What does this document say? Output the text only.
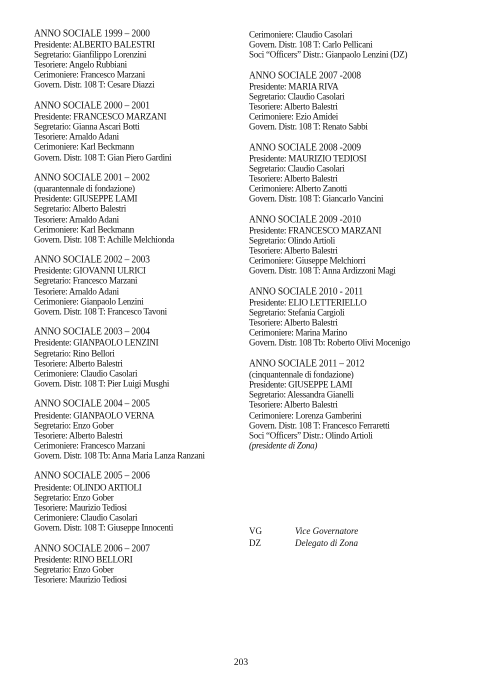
ANNO SOCIALE 1999 – 2000
Presidente: ALBERTO BALESTRI
Segretario: Gianfilippo Lorenzini
Tesoriere: Angelo Rubbiani
Cerimoniere: Francesco Marzani
Govern. Distr. 108 T: Cesare Diazzi
ANNO SOCIALE 2000 – 2001
Presidente: FRANCESCO MARZANI
Segretario: Gianna Ascari Botti
Tesoriere: Arnaldo Adani
Cerimoniere: Karl Beckmann
Govern. Distr. 108 T: Gian Piero Gardini
ANNO SOCIALE 2001 – 2002
(quarantennale di fondazione)
Presidente: GIUSEPPE LAMI
Segretario: Alberto Balestri
Tesoriere: Arnaldo Adani
Cerimoniere: Karl Beckmann
Govern. Distr. 108 T: Achille Melchionda
ANNO SOCIALE 2002 – 2003
Presidente: GIOVANNI ULRICI
Segretario: Francesco Marzani
Tesoriere: Arnaldo Adani
Cerimoniere: Gianpaolo Lenzini
Govern. Distr. 108 T: Francesco Tavoni
ANNO SOCIALE 2003 – 2004
Presidente: GIANPAOLO LENZINI
Segretario: Rino Bellori
Tesoriere: Alberto Balestri
Cerimoniere: Claudio Casolari
Govern. Distr. 108 T: Pier Luigi Musghi
ANNO SOCIALE 2004 – 2005
Presidente: GIANPAOLO VERNA
Segretario: Enzo Gober
Tesoriere: Alberto Balestri
Cerimoniere: Francesco Marzani
Govern. Distr. 108 Tb: Anna Maria Lanza Ranzani
ANNO SOCIALE 2005 – 2006
Presidente: OLINDO ARTIOLI
Segretario: Enzo Gober
Tesoriere: Maurizio Tediosi
Cerimoniere: Claudio Casolari
Govern. Distr. 108 T: Giuseppe Innocenti
ANNO SOCIALE 2006 – 2007
Presidente: RINO BELLORI
Segretario: Enzo Gober
Tesoriere: Maurizio Tediosi
Cerimoniere: Claudio Casolari
Govern. Distr. 108 T: Carlo Pellicani
Soci “Officers” Distr.: Gianpaolo Lenzini (DZ)
ANNO SOCIALE 2007 -2008
Presidente: MARIA RIVA
Segretario: Claudio Casolari
Tesoriere: Alberto Balestri
Cerimoniere: Ezio Amidei
Govern. Distr. 108 T: Renato Sabbi
ANNO SOCIALE 2008 -2009
Presidente: MAURIZIO TEDIOSI
Segretario: Claudio Casolari
Tesoriere: Alberto Balestri
Cerimoniere: Alberto Zanotti
Govern. Distr. 108 T: Giancarlo Vancini
ANNO SOCIALE 2009 -2010
Presidente: FRANCESCO MARZANI
Segretario: Olindo Artioli
Tesoriere: Alberto Balestri
Cerimoniere: Giuseppe Melchiorri
Govern. Distr. 108 T: Anna Ardizzoni Magi
ANNO SOCIALE 2010 - 2011
Presidente: ELIO LETTERIELLO
Segretario: Stefania Cargioli
Tesoriere: Alberto Balestri
Cerimoniere: Marina Marino
Govern. Distr. 108 Tb: Roberto Olivi Mocenigo
ANNO SOCIALE 2011 – 2012
(cinquantennale di fondazione)
Presidente: GIUSEPPE LAMI
Segretario: Alessandra Gianelli
Tesoriere: Alberto Balestri
Cerimoniere: Lorenza Gamberini
Govern. Distr. 108 T: Francesco Ferraretti
Soci “Officers” Distr.: Olindo Artioli
(presidente di Zona)
VG	Vice Governatore
DZ	Delegato di Zona
203
